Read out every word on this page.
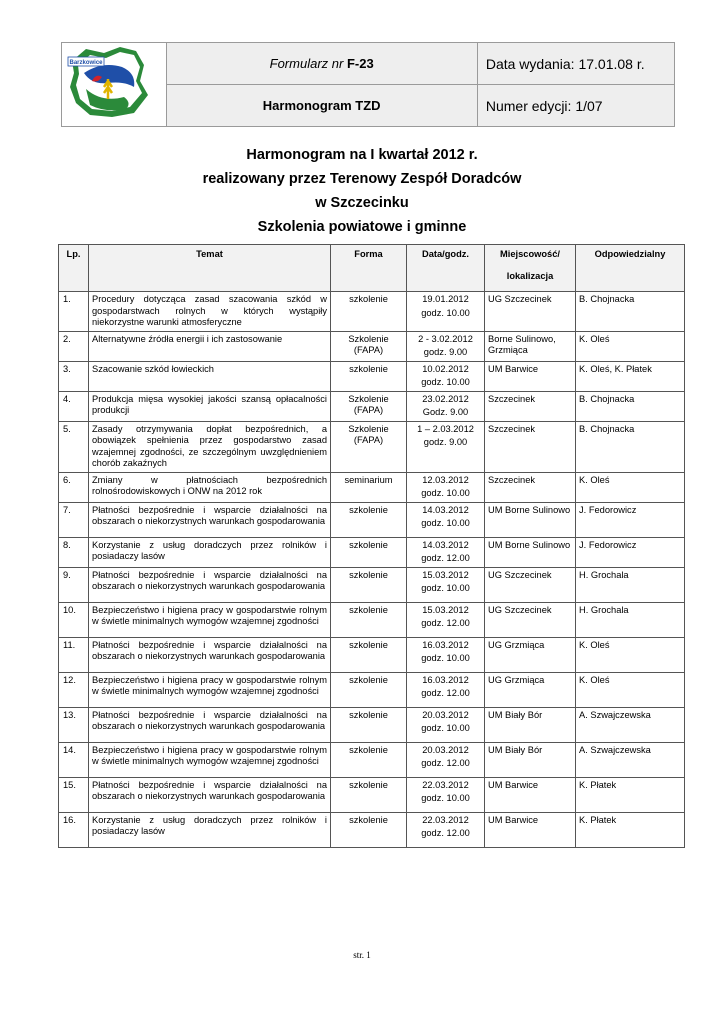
Barzkowice	Formularz nr F-23	Data wydania: 17.01.08 r.
	Harmonogram TZD	Numer edycji: 1/07
Harmonogram na I kwartał 2012 r.
realizowany przez Terenowy Zespół Doradców
w Szczecinku
Szkolenia powiatowe i gminne
Lp.	Temat	Forma	Data/godz.	Miejscowość/
lokalizacja	Odpowiedzialny
1.	Procedury dotycząca zasad szacowania szkód w gospodarstwach rolnych w których wystąpiły niekorzystne warunki atmosferyczne	szkolenie	19.01.2012
godz. 10.00	UG Szczecinek	B. Chojnacka
2.	Alternatywne źródła energii i ich zastosowanie	Szkolenie (FAPA)	2 - 3.02.2012
godz. 9.00	Borne Sulinowo, Grzmiąca	K. Oleś
3.	Szacowanie szkód łowieckich	szkolenie	10.02.2012
godz. 10.00	UM Barwice	K. Oleś, K. Płatek
4.	Produkcja mięsa wysokiej jakości szansą opłacalności produkcji	Szkolenie (FAPA)	23.02.2012
Godz. 9.00	Szczecinek	B. Chojnacka
5.	Zasady otrzymywania dopłat bezpośrednich, a obowiązek spełnienia przez gospodarstwo zasad wzajemnej zgodności, ze szczególnym uwzględnieniem chorób zakaźnych	Szkolenie (FAPA)	1 – 2.03.2012
godz. 9.00	Szczecinek	B. Chojnacka
6.	Zmiany w płatnościach bezpośrednich rolnośrodowiskowych i ONW na 2012 rok	seminarium	12.03.2012
godz. 10.00	Szczecinek	K. Oleś
7.	Płatności bezpośrednie i wsparcie działalności na obszarach o niekorzystnych warunkach gospodarowania	szkolenie	14.03.2012
godz. 10.00	UM Borne Sulinowo	J. Fedorowicz
8.	Korzystanie z usług doradczych przez rolników i posiadaczy lasów	szkolenie	14.03.2012
godz. 12.00	UM Borne Sulinowo	J. Fedorowicz
9.	Płatności bezpośrednie i wsparcie działalności na obszarach o niekorzystnych warunkach gospodarowania	szkolenie	15.03.2012
godz. 10.00	UG Szczecinek	H. Grochala
10.	Bezpieczeństwo i higiena pracy w gospodarstwie rolnym w świetle minimalnych wymogów wzajemnej zgodności	szkolenie	15.03.2012
godz. 12.00	UG Szczecinek	H. Grochala
11.	Płatności bezpośrednie i wsparcie działalności na obszarach o niekorzystnych warunkach gospodarowania	szkolenie	16.03.2012
godz. 10.00	UG Grzmiąca	K. Oleś
12.	Bezpieczeństwo i higiena pracy w gospodarstwie rolnym w świetle minimalnych wymogów wzajemnej zgodności	szkolenie	16.03.2012
godz. 12.00	UG Grzmiąca	K. Oleś
13.	Płatności bezpośrednie i wsparcie działalności na obszarach o niekorzystnych warunkach gospodarowania	szkolenie	20.03.2012
godz. 10.00	UM Biały Bór	A. Szwajczewska
14.	Bezpieczeństwo i higiena pracy w gospodarstwie rolnym w świetle minimalnych wymogów wzajemnej zgodności	szkolenie	20.03.2012
godz. 12.00	UM Biały Bór	A. Szwajczewska
15.	Płatności bezpośrednie i wsparcie działalności na obszarach o niekorzystnych warunkach gospodarowania	szkolenie	22.03.2012
godz. 10.00	UM Barwice	K. Płatek
16.	Korzystanie z usług doradczych przez rolników i posiadaczy lasów	szkolenie	22.03.2012
godz. 12.00	UM Barwice	K. Płatek
str. 1
